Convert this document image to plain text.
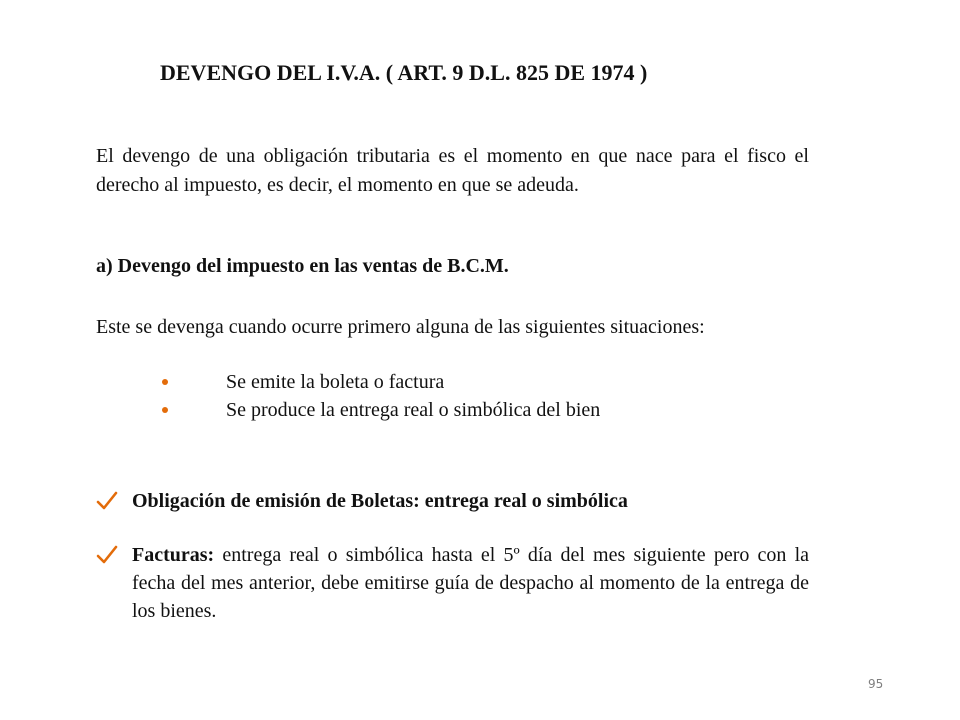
DEVENGO DEL I.V.A. ( ART. 9 D.L. 825 DE 1974 )

El devengo de una obligación tributaria es el momento en que nace para el fisco el derecho al impuesto, es decir, el momento en que se adeuda.

a) Devengo del impuesto en las ventas de B.C.M.

Este se devenga cuando ocurre primero alguna de las siguientes situaciones:

Se emite la boleta o factura
Se produce la entrega real o simbólica del bien
Obligación de emisión de Boletas: entrega real o simbólica
Facturas: entrega real o simbólica hasta el 5º día del mes siguiente pero con la fecha del mes anterior, debe emitirse guía de despacho al momento de la entrega de los bienes.
95
